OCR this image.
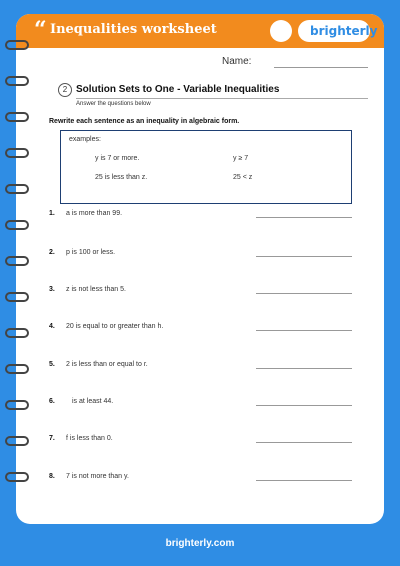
“ Inequalities worksheet	brighterly
Name:
2 Solution Sets to One - Variable Inequalities
Answer the questions below
Rewrite each sentence as an inequality in algebraic form.
examples:
y is 7 or more.	y ≥ 7
25 is less than z.	25 < z
1. a is more than 99.
2. p is 100 or less.
3. z is not less than 5.
4. 20 is equal to or greater than h.
5. 2 is less than or equal to r.
6. is at least 44.
7. f is less than 0.
8. 7 is not more than y.
brighterly.com
